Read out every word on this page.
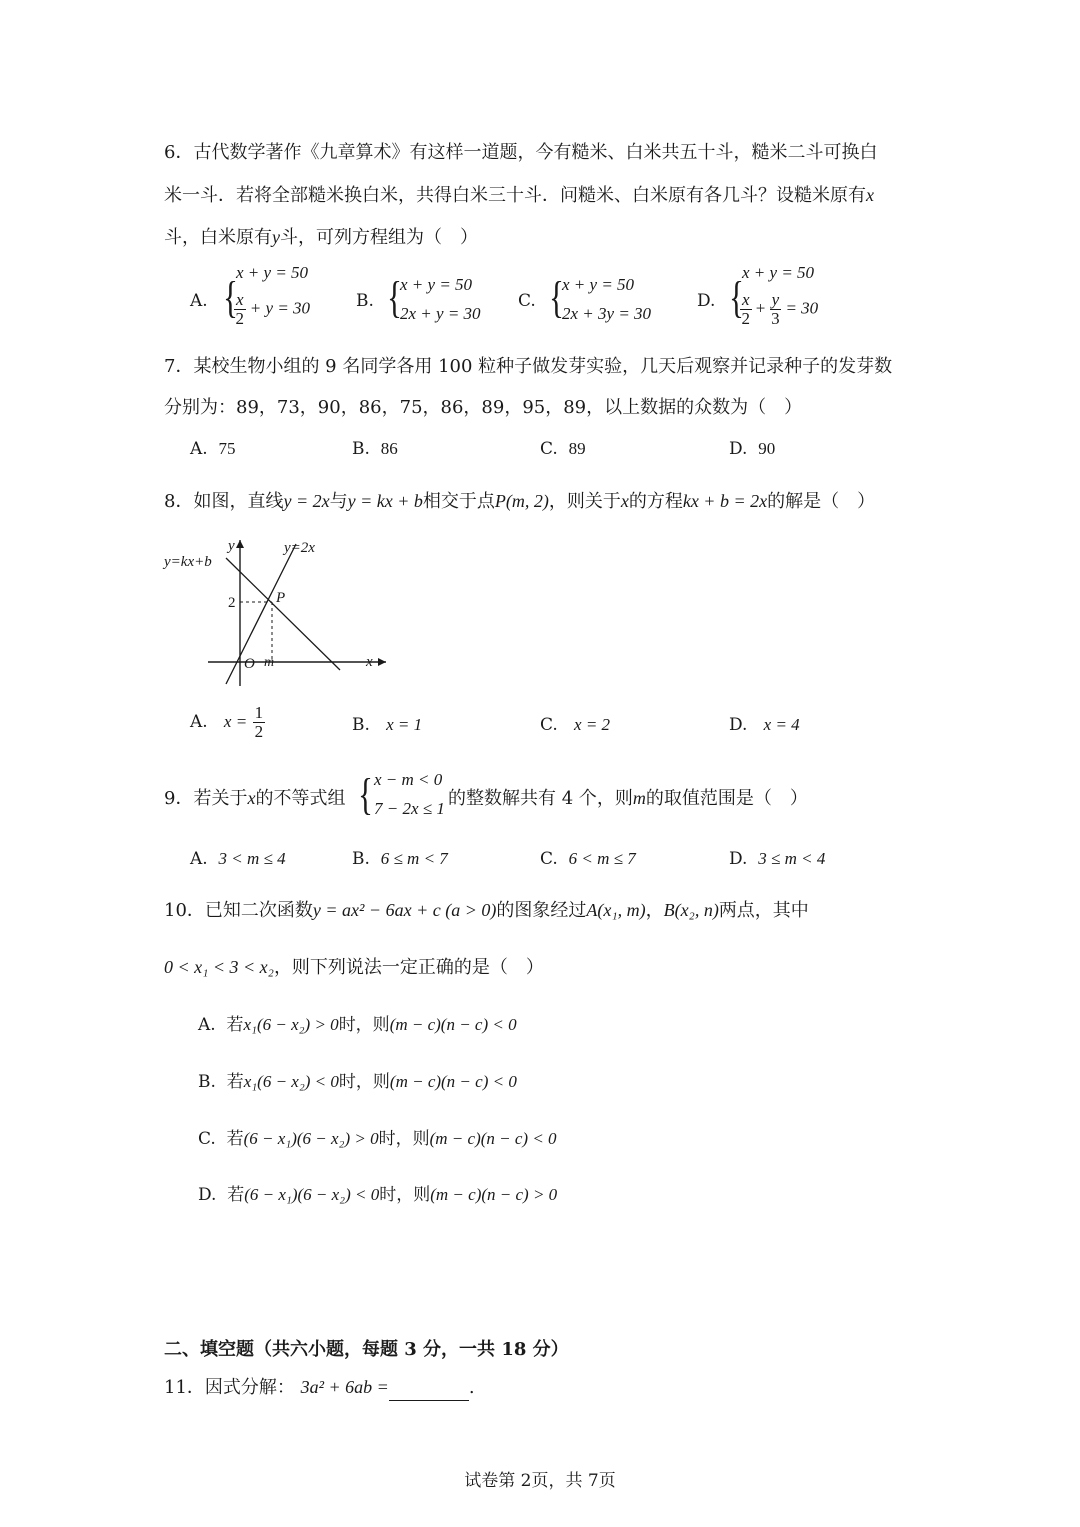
6．古代数学著作《九章算术》有这样一道题，今有糙米、白米共五十斗，糙米二斗可换白
米一斗．若将全部糙米换白米，共得白米三十斗．问糙米、白米原有各几斗？设糙米原有x
斗，白米原有y斗，可列方程组为（　）
A. {
x + y = 50
$\frac{x}{2} + y = 30$	B. {
x + y = 50
2x + y = 30
C. {
x + y = 50
2x + 3y = 30
D. {
x + y = 50
$\frac{x}{2} + \frac{y}{3} = 30$
7．某校生物小组的 9 名同学各用 100 粒种子做发芽实验，几天后观察并记录种子的发芽数
分别为：89，73，90，86，75，86，89，95，89，以上数据的众数为（　）
A. 75	B. 86	C. 89	D. 90
8．如图，直线y = 2x与y = kx + b相交于点P(m, 2)，则关于x的方程kx + b = 2x的解是（　）
y=kx+b
y=2x
y
x
O
2
m
P
A. $x = \frac{1}{2}$	B. x = 1	C. x = 2	D. x = 4
9．若关于x的不等式组 { x − m < 0
7 − 2x ≤ 1 的整数解共有 4 个，则m的取值范围是（　）
A. 3 < m ≤ 4	B. 6 ≤ m < 7	C. 6 < m ≤ 7	D. 3 ≤ m < 4
10．已知二次函数y = ax² − 6ax + c (a > 0)的图象经过A(x₁, m)，B(x₂, n)两点，其中
0 < x₁ < 3 < x₂，则下列说法一定正确的是（　）
A. 若x₁(6 − x₂) > 0时，则(m − c)(n − c) < 0
B. 若x₁(6 − x₂) < 0时，则(m − c)(n − c) < 0
C. 若(6 − x₁)(6 − x₂) > 0时，则(m − c)(n − c) < 0
D. 若(6 − x₁)(6 − x₂) < 0时，则(m − c)(n − c) > 0
二、填空题（共六小题，每题 3 分，一共 18 分）
11．因式分解： 3a² + 6ab =	.
试卷第 2页，共 7页
